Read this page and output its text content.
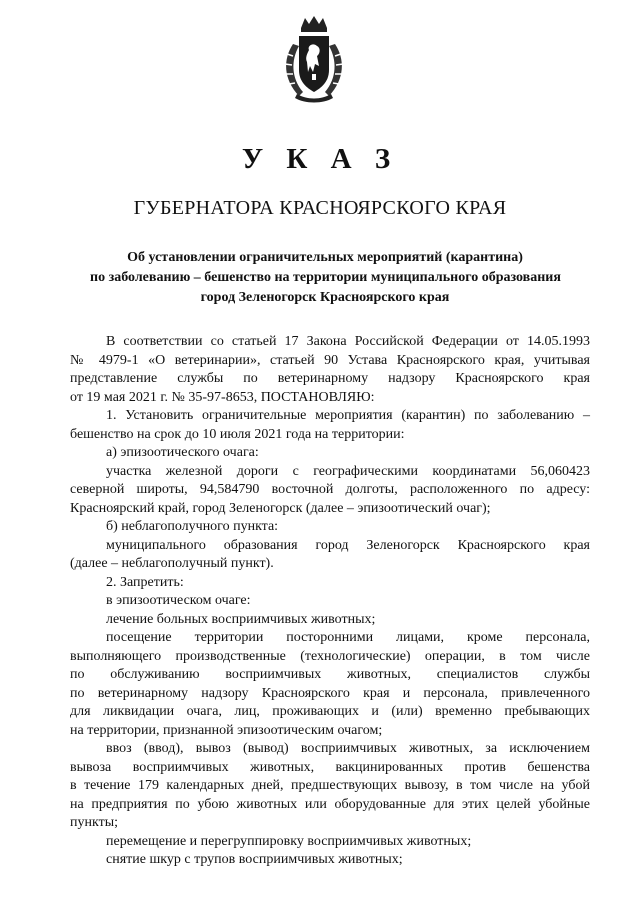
У К А З
ГУБЕРНАТОРА КРАСНОЯРСКОГО КРАЯ
Об установлении ограничительных мероприятий (карантина)
по заболеванию – бешенство на территории муниципального образования
город Зеленогорск Красноярского края
В соответствии со статьей 17 Закона Российской Федерации от 14.05.1993
№ 4979-1 «О ветеринарии», статьей 90 Устава Красноярского края, учитывая
представление службы по ветеринарному надзору Красноярского края
от 19 мая 2021 г. № 35-97-8653, ПОСТАНОВЛЯЮ:
1. Установить ограничительные мероприятия (карантин) по заболеванию –
бешенство на срок до 10 июля 2021 года на территории:
а) эпизоотического очага:
участка железной дороги с географическими координатами 56,060423
северной широты, 94,584790 восточной долготы, расположенного по адресу:
Красноярский край, город Зеленогорск (далее – эпизоотический очаг);
б) неблагополучного пункта:
муниципального образования город Зеленогорск Красноярского края
(далее – неблагополучный пункт).
2. Запретить:
в эпизоотическом очаге:
лечение больных восприимчивых животных;
посещение территории посторонними лицами, кроме персонала,
выполняющего производственные (технологические) операции, в том числе
по обслуживанию восприимчивых животных, специалистов службы
по ветеринарному надзору Красноярского края и персонала, привлеченного
для ликвидации очага, лиц, проживающих и (или) временно пребывающих
на территории, признанной эпизоотическим очагом;
ввоз (ввод), вывоз (вывод) восприимчивых животных, за исключением
вывоза восприимчивых животных, вакцинированных против бешенства
в течение 179 календарных дней, предшествующих вывозу, в том числе на убой
на предприятия по убою животных или оборудованные для этих целей убойные
пункты;
перемещение и перегруппировку восприимчивых животных;
снятие шкур с трупов восприимчивых животных;
